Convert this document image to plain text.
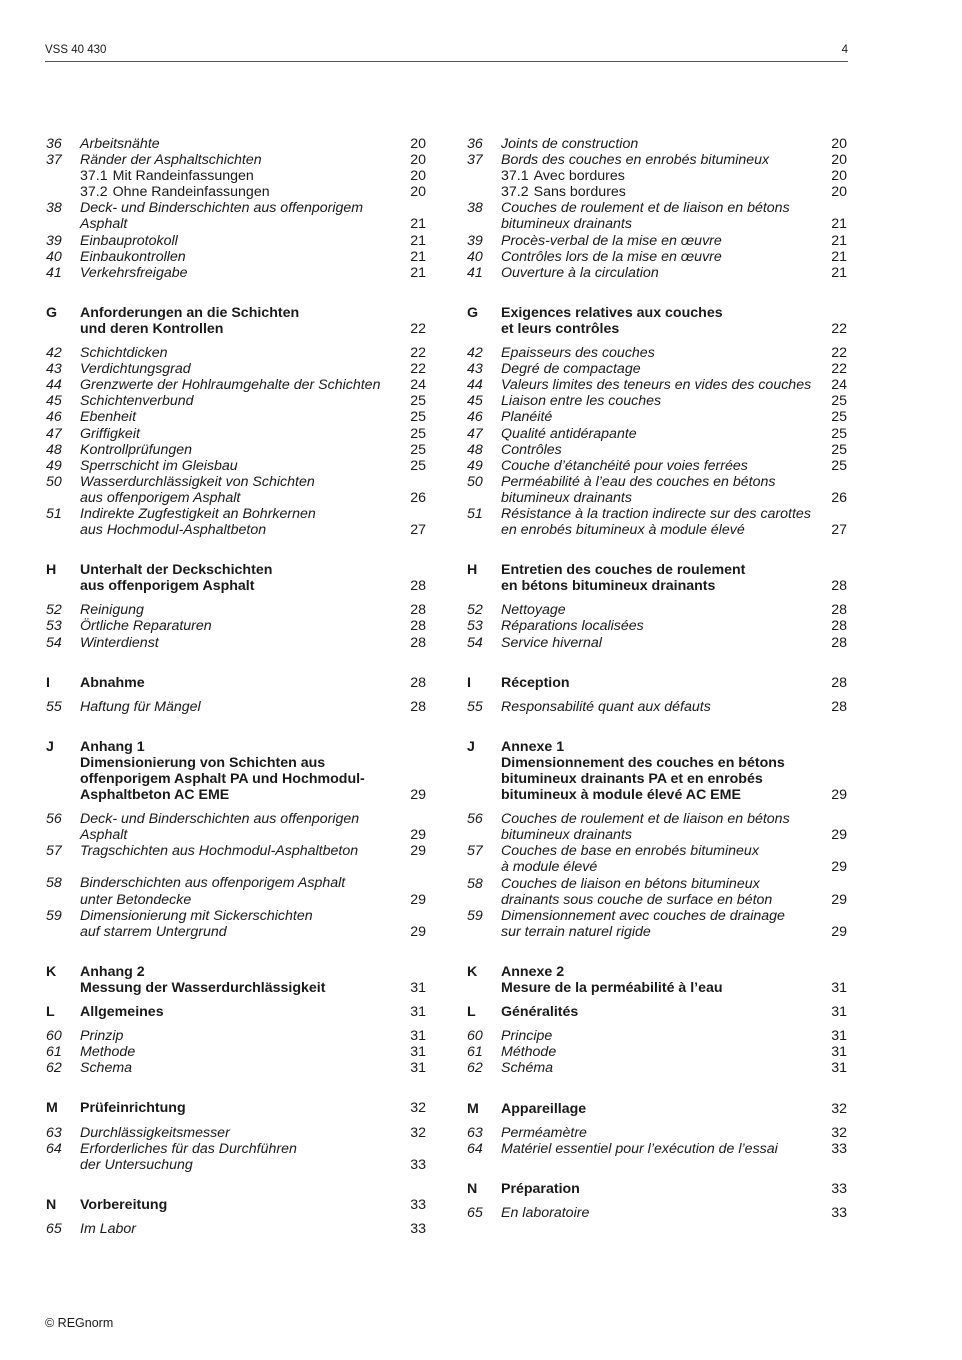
VSS 40 430	4
36 Arbeitsnähte	20
37 Ränder der Asphaltschichten	20
37.1 Mit Randeinfassungen	20
37.2 Ohne Randeinfassungen	20
38 Deck- und Binderschichten aus offenporigem
Asphalt	21
39 Einbauprotokoll	21
40 Einbaukontrollen	21
41 Verkehrsfreigabe	21
G Anforderungen an die Schichten
und deren Kontrollen	22
42 Schichtdicken	22
43 Verdichtungsgrad	22
44 Grenzwerte der Hohlraumgehalte der Schichten	24
45 Schichtenverbund	25
46 Ebenheit	25
47 Griffigkeit	25
48 Kontrollprüfungen	25
49 Sperrschicht im Gleisbau	25
50 Wasserdurchlässigkeit von Schichten
aus offenporigem Asphalt	26
51 Indirekte Zugfestigkeit an Bohrkernen
aus Hochmodul-Asphaltbeton	27
H Unterhalt der Deckschichten
aus offenporigem Asphalt	28
52 Reinigung	28
53 Örtliche Reparaturen	28
54 Winterdienst	28
I Abnahme	28
55 Haftung für Mängel	28
J Anhang 1
Dimensionierung von Schichten aus
offenporigem Asphalt PA und Hochmodul-
Asphaltbeton AC EME	29
56 Deck- und Binderschichten aus offenporigen
Asphalt	29
57 Tragschichten aus Hochmodul-Asphaltbeton	29
58 Binderschichten aus offenporigem Asphalt
unter Betondecke	29
59 Dimensionierung mit Sickerschichten
auf starrem Untergrund	29
K Anhang 2
Messung der Wasserdurchlässigkeit	31
L Allgemeines	31
60 Prinzip	31
61 Methode	31
62 Schema	31
M Prüfeinrichtung	32
63 Durchlässigkeitsmesser	32
64 Erforderliches für das Durchführen
der Untersuchung	33
N Vorbereitung	33
65 Im Labor	33
36 Joints de construction	20
37 Bords des couches en enrobés bitumineux	20
37.1 Avec bordures	20
37.2 Sans bordures	20
38 Couches de roulement et de liaison en bétons
bitumineux drainants	21
39 Procès-verbal de la mise en œuvre	21
40 Contrôles lors de la mise en œuvre	21
41 Ouverture à la circulation	21
G Exigences relatives aux couches
et leurs contrôles	22
42 Epaisseurs des couches	22
43 Degré de compactage	22
44 Valeurs limites des teneurs en vides des couches	24
45 Liaison entre les couches	25
46 Planéité	25
47 Qualité antidérapante	25
48 Contrôles	25
49 Couche d’étanchéité pour voies ferrées	25
50 Perméabilité à l’eau des couches en bétons
bitumineux drainants	26
51 Résistance à la traction indirecte sur des carottes
en enrobés bitumineux à module élevé	27
H Entretien des couches de roulement
en bétons bitumineux drainants	28
52 Nettoyage	28
53 Réparations localisées	28
54 Service hivernal	28
I Réception	28
55 Responsabilité quant aux défauts	28
J Annexe 1
Dimensionnement des couches en bétons
bitumineux drainants PA et en enrobés
bitumineux à module élevé AC EME	29
56 Couches de roulement et de liaison en bétons
bitumineux drainants	29
57 Couches de base en enrobés bitumineux
à module élevé	29
58 Couches de liaison en bétons bitumineux
drainants sous couche de surface en béton	29
59 Dimensionnement avec couches de drainage
sur terrain naturel rigide	29
K Annexe 2
Mesure de la perméabilité à l’eau	31
L Généralités	31
60 Principe	31
61 Méthode	31
62 Schéma	31
M Appareillage	32
63 Perméamètre	32
64 Matériel essentiel pour l’exécution de l’essai	33
N Préparation	33
65 En laboratoire	33
© REGnorm
